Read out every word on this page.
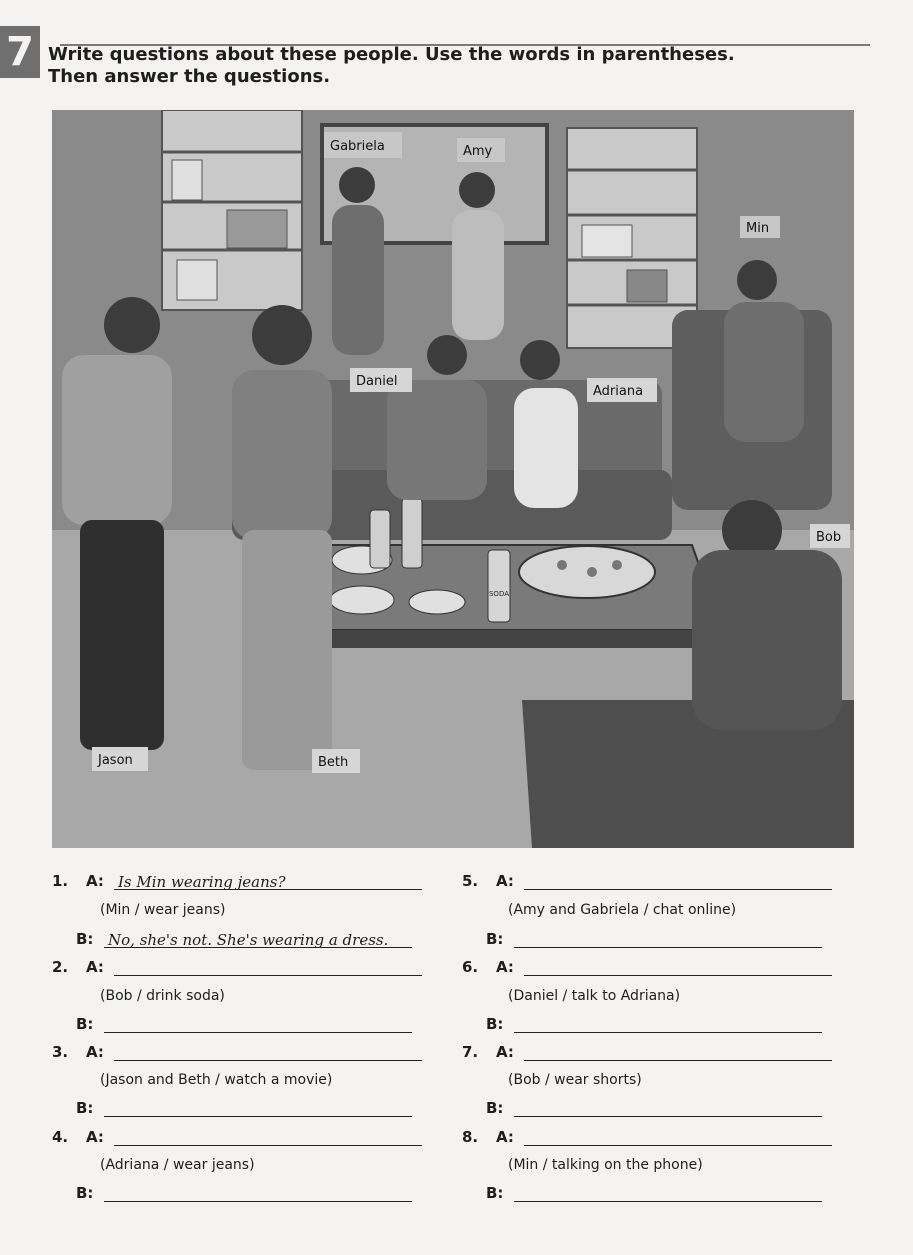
7 Write questions about these people. Use the words in parentheses.
Then answer the questions.
SODA
Gabriela	Amy
Min
Daniel
Adriana
Bob
Jason	Beth
1. A: Is Min wearing jeans?
(Min / wear jeans)
B: No, she's not. She's wearing a dress.
2. A:
(Bob / drink soda)
B:
3. A:
(Jason and Beth / watch a movie)
B:
4. A:
(Adriana / wear jeans)
B:
5. A:
(Amy and Gabriela / chat online)
B:
6. A:
(Daniel / talk to Adriana)
B:
7. A:
(Bob / wear shorts)
B:
8. A:
(Min / talking on the phone)
B:
